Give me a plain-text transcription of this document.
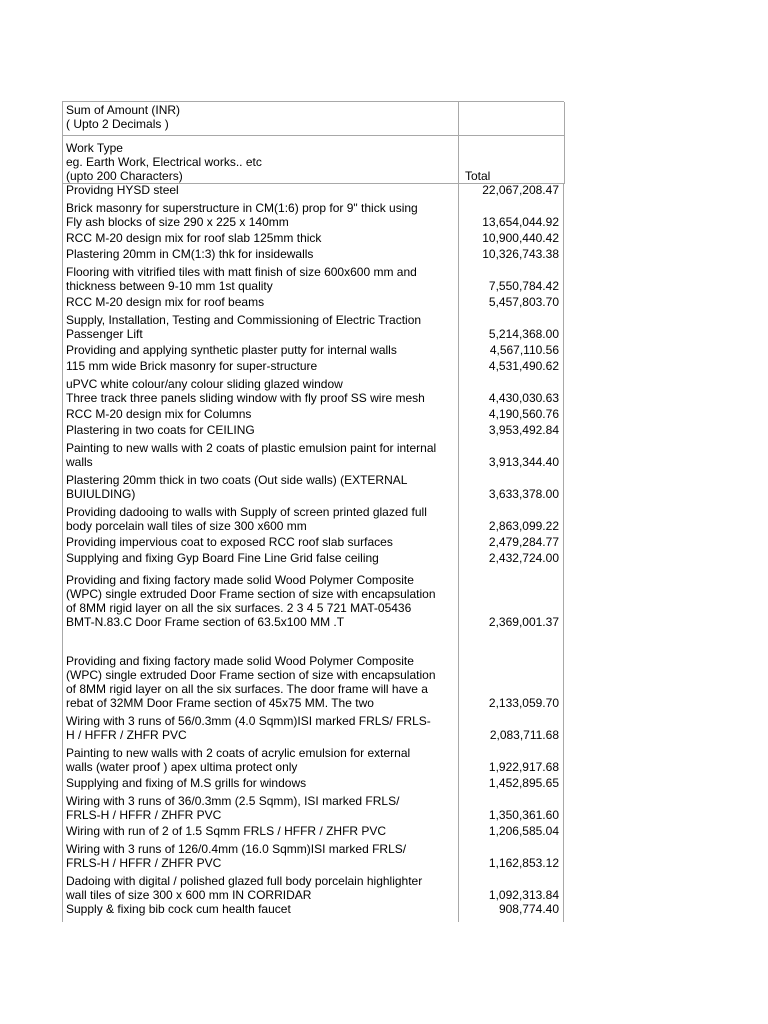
Sum of Amount (INR)
( Upto 2 Decimals )
Work Type
eg. Earth Work, Electrical works.. etc
(upto 200 Characters)	Total
Providng HYSD steel	22,067,208.47
Brick masonry for superstructure in CM(1:6) prop for 9" thick using
Fly ash blocks of size 290 x 225 x 140mm	13,654,044.92
RCC M-20 design mix for roof slab 125mm thick	10,900,440.42
Plastering 20mm in CM(1:3) thk for insidewalls	10,326,743.38
Flooring with vitrified tiles with matt finish of size 600x600 mm and
thickness between 9-10 mm 1st quality	7,550,784.42
RCC M-20 design mix for roof beams	5,457,803.70
Supply, Installation, Testing and Commissioning of Electric Traction
Passenger Lift	5,214,368.00
Providing and applying synthetic plaster putty for internal walls	4,567,110.56
115 mm wide Brick masonry for super-structure	4,531,490.62
uPVC white colour/any colour sliding glazed window
Three track three panels sliding window with fly proof SS wire mesh	4,430,030.63
RCC M-20 design mix for Columns	4,190,560.76
Plastering in two coats for CEILING	3,953,492.84
Painting to new walls with 2 coats of plastic emulsion paint for internal
walls	3,913,344.40
Plastering 20mm thick in two coats (Out side walls) (EXTERNAL
BUIULDING)	3,633,378.00
Providing dadooing to walls with Supply of screen printed glazed full
body porcelain wall tiles of size 300 x600 mm	2,863,099.22
Providing impervious coat to exposed RCC roof slab surfaces	2,479,284.77
Supplying and fixing Gyp Board Fine Line Grid false ceiling	2,432,724.00
Providing and fixing factory made solid Wood Polymer Composite
(WPC) single extruded Door Frame section of size with encapsulation
of 8MM rigid layer on all the six surfaces. 2 3 4 5 721 MAT-05436
BMT-N.83.C Door Frame section of 63.5x100 MM .T	2,369,001.37
Providing and fixing factory made solid Wood Polymer Composite
(WPC) single extruded Door Frame section of size with encapsulation
of 8MM rigid layer on all the six surfaces. The door frame will have a
rebat of 32MM Door Frame section of 45x75 MM. The two	2,133,059.70
Wiring with 3 runs of 56/0.3mm (4.0 Sqmm)ISI marked FRLS/ FRLS-
H / HFFR / ZHFR PVC	2,083,711.68
Painting to new walls with 2 coats of acrylic emulsion for external
walls (water proof ) apex ultima protect only	1,922,917.68
Supplying and fixing of M.S grills for windows	1,452,895.65
Wiring with 3 runs of 36/0.3mm (2.5 Sqmm), ISI marked FRLS/
FRLS-H / HFFR / ZHFR PVC	1,350,361.60
Wiring with run of 2 of 1.5 Sqmm FRLS / HFFR / ZHFR PVC	1,206,585.04
Wiring with 3 runs of 126/0.4mm (16.0 Sqmm)ISI marked FRLS/
FRLS-H / HFFR / ZHFR PVC	1,162,853.12
Dadoing with digital / polished glazed full body porcelain highlighter
wall tiles of size 300 x 600 mm IN CORRIDAR	1,092,313.84
Supply & fixing bib cock cum health faucet	908,774.40
